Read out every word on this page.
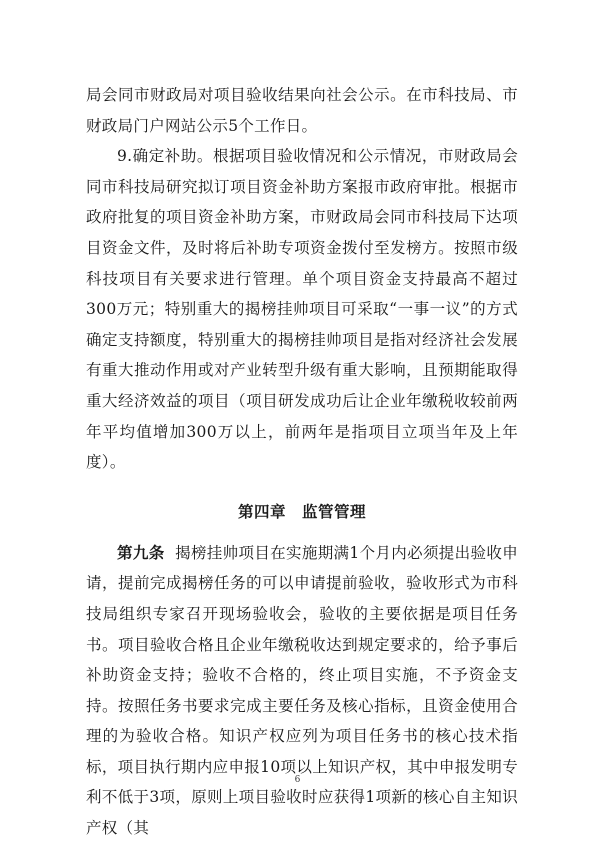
局会同市财政局对项目验收结果向社会公示。在市科技局、市财政局门户网站公示5个工作日。

9.确定补助。根据项目验收情况和公示情况，市财政局会同市科技局研究拟订项目资金补助方案报市政府审批。根据市政府批复的项目资金补助方案，市财政局会同市科技局下达项目资金文件，及时将后补助专项资金拨付至发榜方。按照市级科技项目有关要求进行管理。单个项目资金支持最高不超过300万元；特别重大的揭榜挂帅项目可采取“一事一议”的方式确定支持额度，特别重大的揭榜挂帅项目是指对经济社会发展有重大推动作用或对产业转型升级有重大影响，且预期能取得重大经济效益的项目（项目研发成功后让企业年缴税收较前两年平均值增加300万以上，前两年是指项目立项当年及上年度）。

第四章 监管管理

第九条 揭榜挂帅项目在实施期满1个月内必须提出验收申请，提前完成揭榜任务的可以申请提前验收，验收形式为市科技局组织专家召开现场验收会，验收的主要依据是项目任务书。项目验收合格且企业年缴税收达到规定要求的，给予事后补助资金支持；验收不合格的，终止项目实施，不予资金支持。按照任务书要求完成主要任务及核心指标，且资金使用合理的为验收合格。知识产权应列为项目任务书的核心技术指标，项目执行期内应申报10项以上知识产权，其中申报发明专利不低于3项，原则上项目验收时应获得1项新的核心自主知识产权（其

6
